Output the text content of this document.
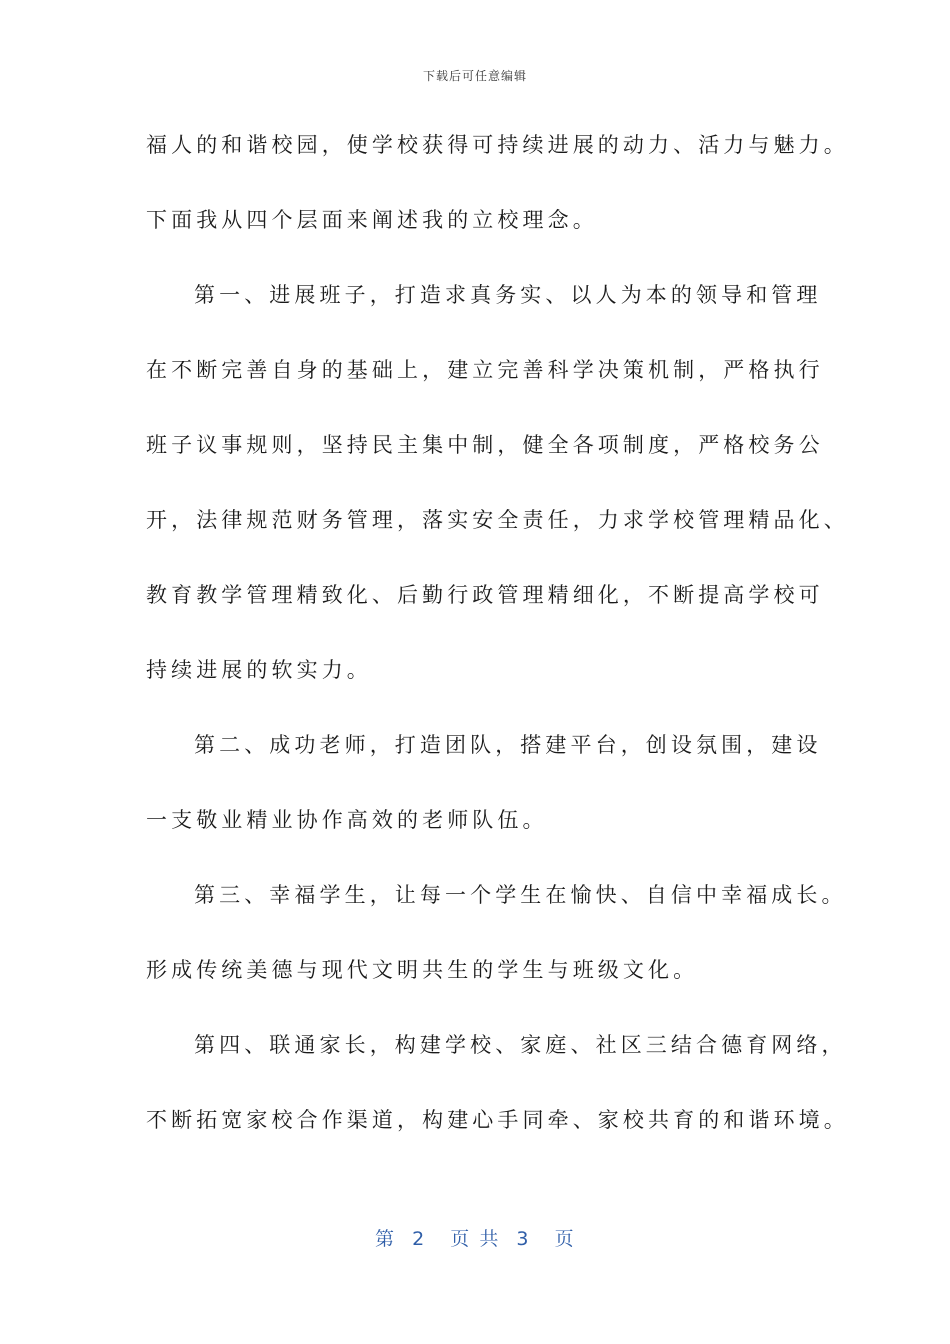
下载后可任意编辑
福人的和谐校园，使学校获得可持续进展的动力、活力与魅力。
下面我从四个层面来阐述我的立校理念。
第一、进展班子，打造求真务实、以人为本的领导和管理
在不断完善自身的基础上，建立完善科学决策机制，严格执行
班子议事规则，坚持民主集中制，健全各项制度，严格校务公
开，法律规范财务管理，落实安全责任，力求学校管理精品化、
教育教学管理精致化、后勤行政管理精细化，不断提高学校可
持续进展的软实力。
第二、成功老师，打造团队，搭建平台，创设氛围，建设
一支敬业精业协作高效的老师队伍。
第三、幸福学生，让每一个学生在愉快、自信中幸福成长。
形成传统美德与现代文明共生的学生与班级文化。
第四、联通家长，构建学校、家庭、社区三结合德育网络，
不断拓宽家校合作渠道，构建心手同牵、家校共育的和谐环境。
第  2   页 共  3   页
